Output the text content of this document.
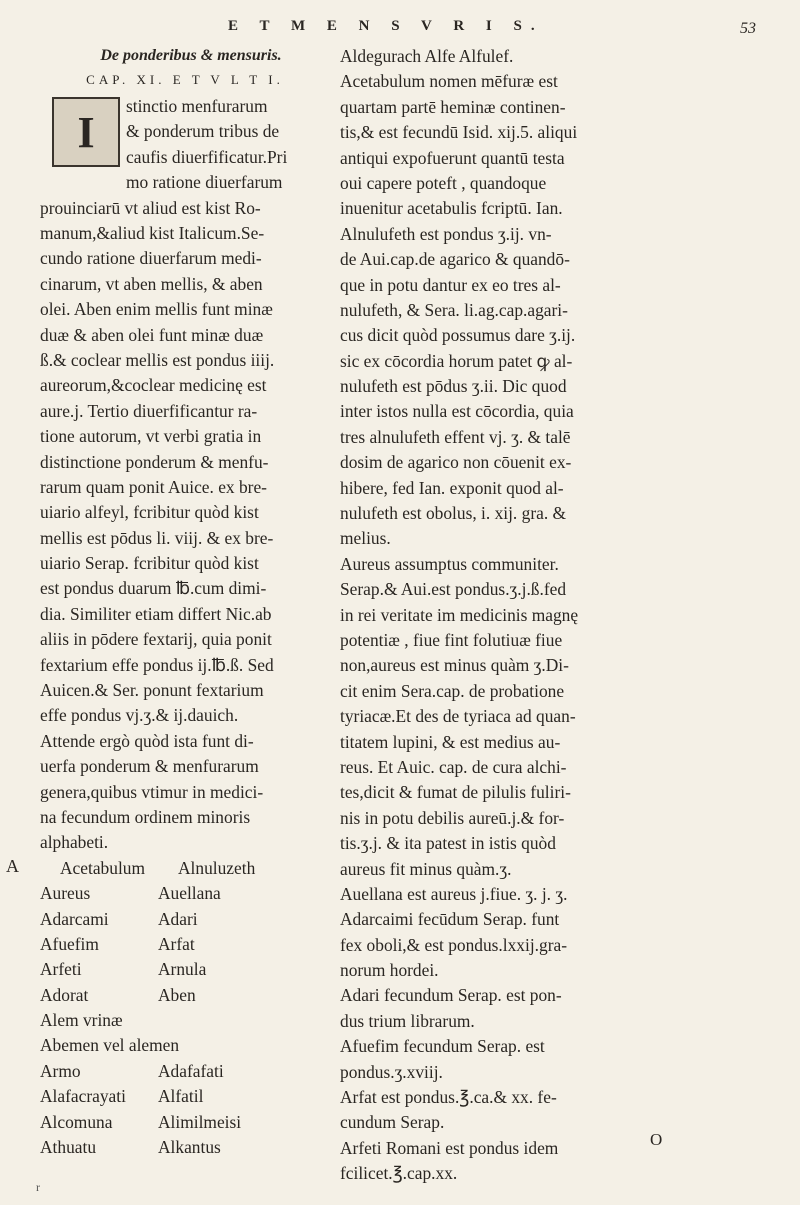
E T M E N S V R I S.	53
De ponderibus & mensuris.
CAP. XI. E T V L T I.
I
stinctio menfurarum
& ponderum tribus de
caufis diuerfificatur.Pri
mo ratione diuerfarum
prouinciarū vt aliud est kist Ro-
manum,&aliud kist Italicum.Se-
cundo ratione diuerfarum medi-
cinarum, vt aben mellis, & aben
olei. Aben enim mellis funt minæ
duæ & aben olei funt minæ duæ
ß.& coclear mellis est pondus iiij.
aureorum,&coclear medicinę est
aure.j. Tertio diuerfificantur ra-
tione autorum, vt verbi gratia in
distinctione ponderum & menfu-
rarum quam ponit Auice. ex bre-
uiario alfeyl, fcribitur quòd kist
mellis est pōdus li. viij. & ex bre-
uiario Serap. fcribitur quòd kist
est pondus duarum ℔.cum dimi-
dia. Similiter etiam differt Nic.ab
aliis in pōdere fextarij, quia ponit
fextarium effe pondus ij.℔.ß. Sed
Auicen.& Ser. ponunt fextarium
effe pondus vj.ʒ.& ij.dauich.
Attende ergò quòd ista funt di-
uerfa ponderum & menfurarum
genera,quibus vtimur in medici-
na fecundum ordinem minoris
alphabeti.
A Acetabulum Alnuluzeth
Aureus	Auellana
Adarcami	Adari
Afuefim	Arfat
Arfeti	Arnula
Adorat	Aben
Alem vrinæ
Abemen vel alemen
Armo	Adafafati
Alafacrayati Alfatil
Alcomuna	Alimilmeisi
Athuatu	Alkantus
Aldegurach Alfe Alfulef.
Acetabulum nomen mēfuræ est
quartam partē heminæ continen-
tis,& est fecundū Isid. xij.5. aliqui
antiqui expofuerunt quantū testa
oui capere poteft , quandoque
inuenitur acetabulis fcriptū. Ian.
Alnulufeth est pondus ʒ.ij. vn-
de Aui.cap.de agarico & quandō-
que in potu dantur ex eo tres al-
nulufeth, & Sera. li.ag.cap.agari-
cus dicit quòd possumus dare ʒ.ij.
sic ex cōcordia horum patet ꝙ al-
nulufeth est pōdus ʒ.ii. Dic quod
inter istos nulla est cōcordia, quia
tres alnulufeth effent vj. ʒ. & talē
dosim de agarico non cōuenit ex-
hibere, fed Ian. exponit quod al-
nulufeth est obolus, i. xij. gra. &
melius.
Aureus assumptus communiter.
Serap.& Aui.est pondus.ʒ.j.ß.fed
in rei veritate im medicinis magnę
potentiæ , fiue fint folutiuæ fiue
non,aureus est minus quàm ʒ.Di-
cit enim Sera.cap. de probatione
tyriacæ.Et des de tyriaca ad quan-
titatem lupini, & est medius au-
reus. Et Auic. cap. de cura alchi-
tes,dicit & fumat de pilulis fuliri-
nis in potu debilis aureū.j.& for-
tis.ʒ.j. & ita patest in istis quòd
aureus fit minus quàm.ʒ.
Auellana est aureus j.fiue. ʒ. j. ʒ.
Adarcaimi fecūdum Serap. funt
fex oboli,& est pondus.lxxij.gra-
norum hordei.
Adari fecundum Serap. est pon-
dus trium librarum.
Afuefim fecundum Serap. est
pondus.ʒ.xviij.
Arfat est pondus.℥.ca.& xx. fe-
cundum Serap.
Arfeti Romani est pondus idem
fcilicet.℥.cap.xx.
O
r
